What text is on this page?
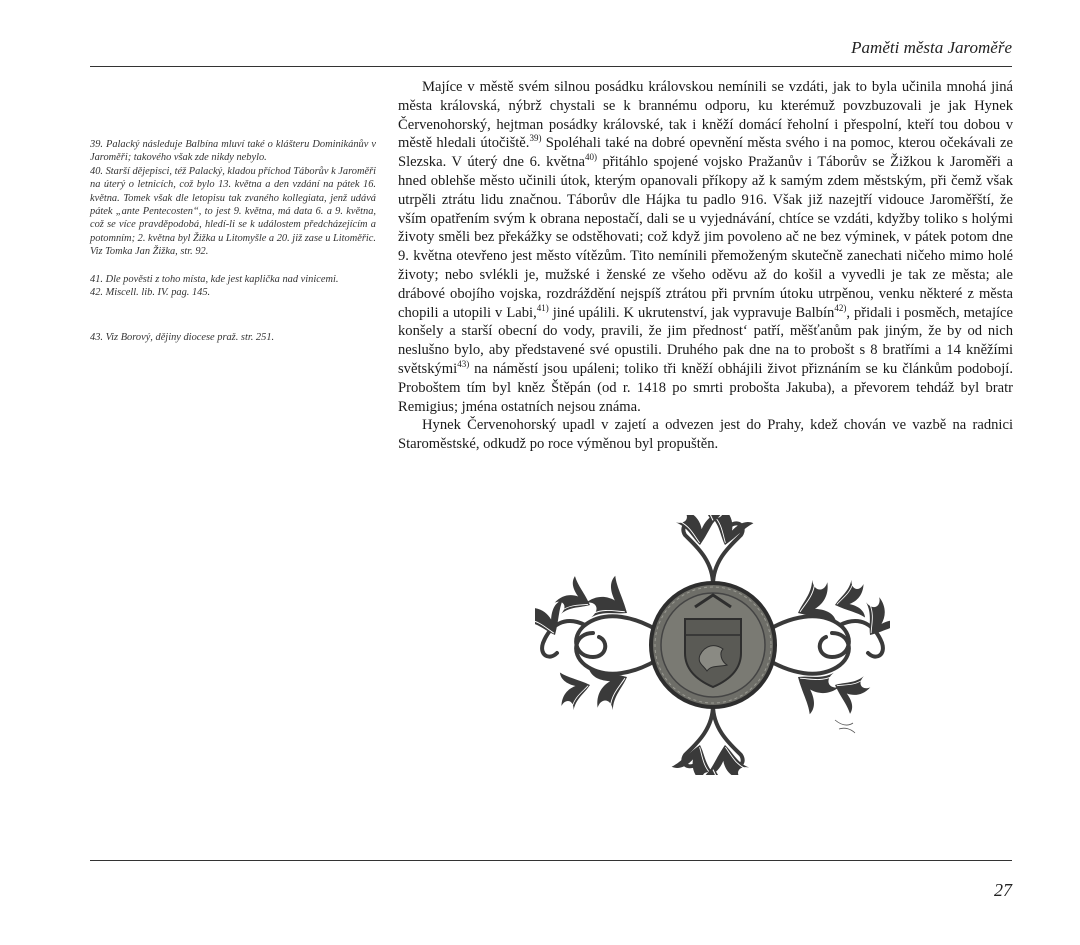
Paměti města Jaroměře

39. Palacký následuje Balbína mluví také o klášteru Dominikánův v Jaroměři; takového však zde nikdy nebylo.

40. Starší dějepisci, též Palacký, kladou příchod Táborův k Jaroměři na úterý o letnicích, což bylo 13. května a den vzdání na pátek 16. května. Tomek však dle letopisu tak zvaného kollegiata, jenž udává pátek „ante Pentecosten“, to jest 9. května, má data 6. a 9. května, což se více pravděpodobá, hledí-li se k událostem předcházejícím a potomním; 2. května byl Žižka u Litomyšle a 20. již zase u Litoměřic. Viz Tomka Jan Žižka, str. 92.

41. Dle pověsti z toho místa, kde jest kaplička nad vinicemi.

42. Miscell. lib. IV. pag. 145.

43. Viz Borový, dějiny diocese praž. str. 251.

Majíce v městě svém silnou posádku královskou nemínili se vzdáti, jak to byla učinila mnohá jiná města královská, nýbrž chystali se k brannému odporu, ku kterémuž povzbuzovali je jak Hynek Červenohorský, hejtman posádky královské, tak i kněží domácí řeholní i přespolní, kteří tou dobou v městě hledali útočiště.$^{39)}$ Spoléhali také na dobré opevnění města svého i na pomoc, kterou očekávali ze Slezska. V úterý dne 6. května$^{40)}$ přitáhlo spojené vojsko Pražanův i Táborův se Žižkou k Jaroměři a hned oblehše město učinili útok, kterým opanovali příkopy až k samým zdem městským, při čemž však utrpěli ztrátu lidu značnou. Táborův dle Hájka tu padlo 916. Však již nazejtří vidouce Jaroměřští, že vším opatřením svým k obrana nepostačí, dali se u vyjednávání, chtíce se vzdáti, kdyžby toliko s holými životy směli bez překážky se odstěhovati; což když jim povoleno ač ne bez výminek, v pátek potom dne 9. května otevřeno jest město vítězům. Tito nemínili přemoženým skutečně zanechati ničeho mimo holé životy; nebo svlékli je, mužské i ženské ze všeho oděvu až do košil a vyvedli je tak ze města; ale drábové obojího vojska, rozdráždění nejspíš ztrátou při prvním útoku utrpěnou, venku některé z města chopili a utopili v Labi,$^{41)}$ jiné upálili. K ukrutenství, jak vypravuje Balbín$^{42)}$, přidali i posměch, metajíce konšely a starší obecní do vody, pravili, že jim přednost‘ patří, měšťanům pak jiným, že by od nich neslušno bylo, aby představené své opustili. Druhého pak dne na to probošt s 8 bratřími a 14 kněžími světskými$^{43)}$ na náměstí jsou upáleni; toliko tři kněží obhájili život přiznáním se ku článkům podobojí. Proboštem tím byl kněz Štěpán (od r. 1418 po smrti probošta Jakuba), a převorem tehdáž byl bratr Remigius; jména ostatních nejsou známa.

Hynek Červenohorský upadl v zajetí a odvezen jest do Prahy, kdež chován ve vazbě na radnici Staroměstské, odkudž po roce výměnou byl propuštěn.

27
